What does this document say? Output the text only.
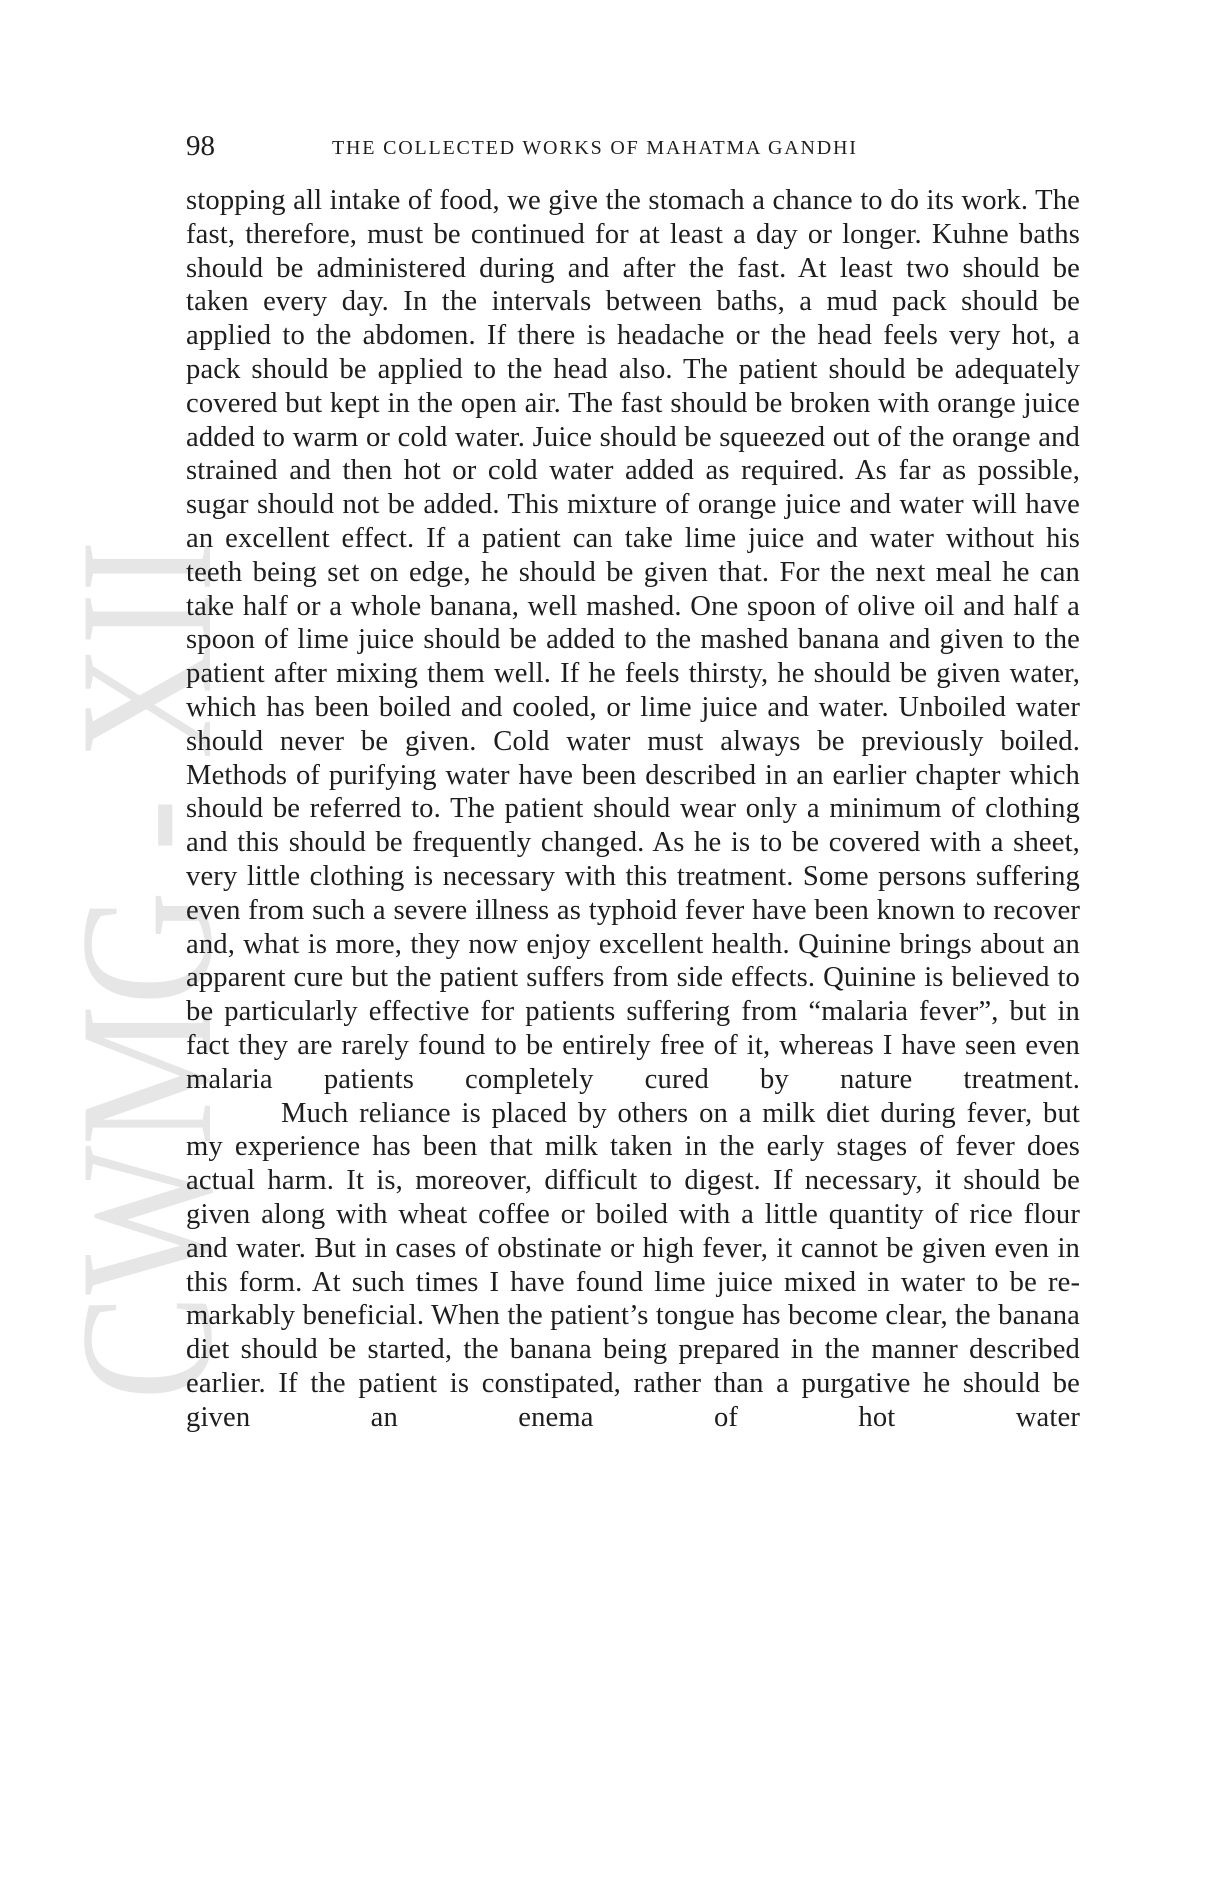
CWMG - XII
98	THE COLLECTED WORKS OF MAHATMA GANDHI

stopping all intake of food, we give the stomach a chance to do its work. The fast, therefore, must be continued for at least a day or longer. Kuhne baths should be administered during and after the fast. At least two should be taken every day. In the intervals between baths, a mud pack should be applied to the abdomen. If there is headache or the head feels very hot, a pack should be applied to the head also. The patient should be adequately covered but kept in the open air. The fast should be broken with orange juice added to warm or cold water. Juice should be squeezed out of the orange and strained and then hot or cold water added as required. As far as possible, sugar should not be added. This mixture of orange juice and water will have an excellent effect. If a patient can take lime juice and water without his teeth being set on edge, he should be given that. For the next meal he can take half or a whole banana, well mashed. One spoon of olive oil and half a spoon of lime juice should be added to the mashed banana and given to the patient after mixing them well. If he feels thirsty, he should be given water, which has been boiled and cooled, or lime juice and water. Unboiled water should never be given. Cold water must always be previously boiled. Methods of purifying water have been described in an earlier chapter which should be referred to. The patient should wear only a minimum of clothing and this should be frequently changed. As he is to be covered with a sheet, very little clothing is necessary with this treatment. Some persons suffering even from such a severe illness as typhoid fever have been known to recover and, what is more, they now enjoy excellent health. Quinine brings about an apparent cure but the patient suffers from side effects. Quinine is believed to be particularly effective for patients suffering from “malaria fever”, but in fact they are rarely found to be entirely free of it, whereas I have seen even malaria patients completely cured by nature treatment.

Much reliance is placed by others on a milk diet during fever, but my experience has been that milk taken in the early stages of fever does actual harm. It is, moreover, difficult to digest. If necessary, it should be given along with wheat coffee or boiled with a little quantity of rice flour and water. But in cases of obstinate or high fever, it cannot be given even in this form. At such times I have found lime juice mixed in water to be remarkably beneficial. When the patient’s tongue has become clear, the banana diet should be started, the banana being prepared in the manner described earlier. If the patient is constipated, rather than a purgative he should be given an enema of hot water
